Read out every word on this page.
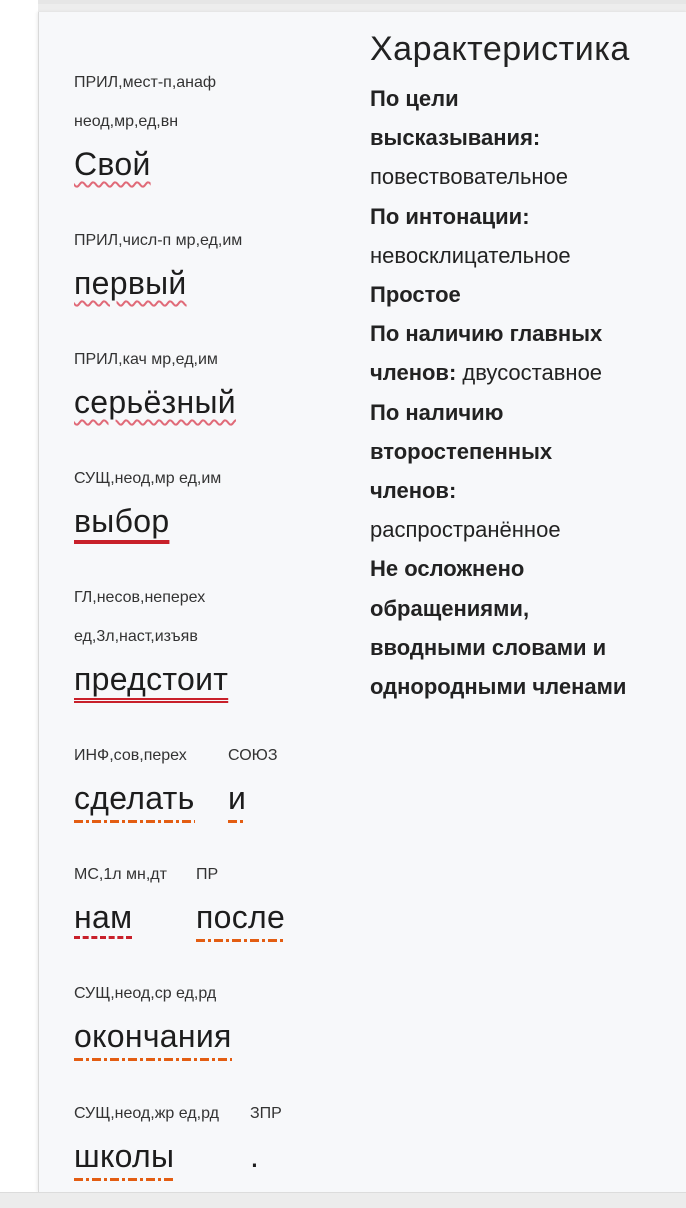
ПРИЛ,мест-п,анаф
неод,мр,ед,вн
Свой
ПРИЛ,числ-п мр,ед,им
первый
ПРИЛ,кач мр,ед,им
серьёзный
СУЩ,неод,мр ед,им
выбор
ГЛ,несов,неперех
ед,3л,наст,изъяв
предстоит
ИНФ,сов,перех
сделать
СОЮЗ
и
МС,1л мн,дт
нам
ПР
после
СУЩ,неод,ср ед,рд
окончания
СУЩ,неод,жр ед,рд
школы
ЗПР
.
Характеристика
По цели
высказывания:
повествовательное
По интонации:
невосклицательное
Простое
По наличию главных
членов: двусоставное
По наличию
второстепенных
членов:
распространённое
Не осложнено
обращениями,
вводными словами и
однородными членами
